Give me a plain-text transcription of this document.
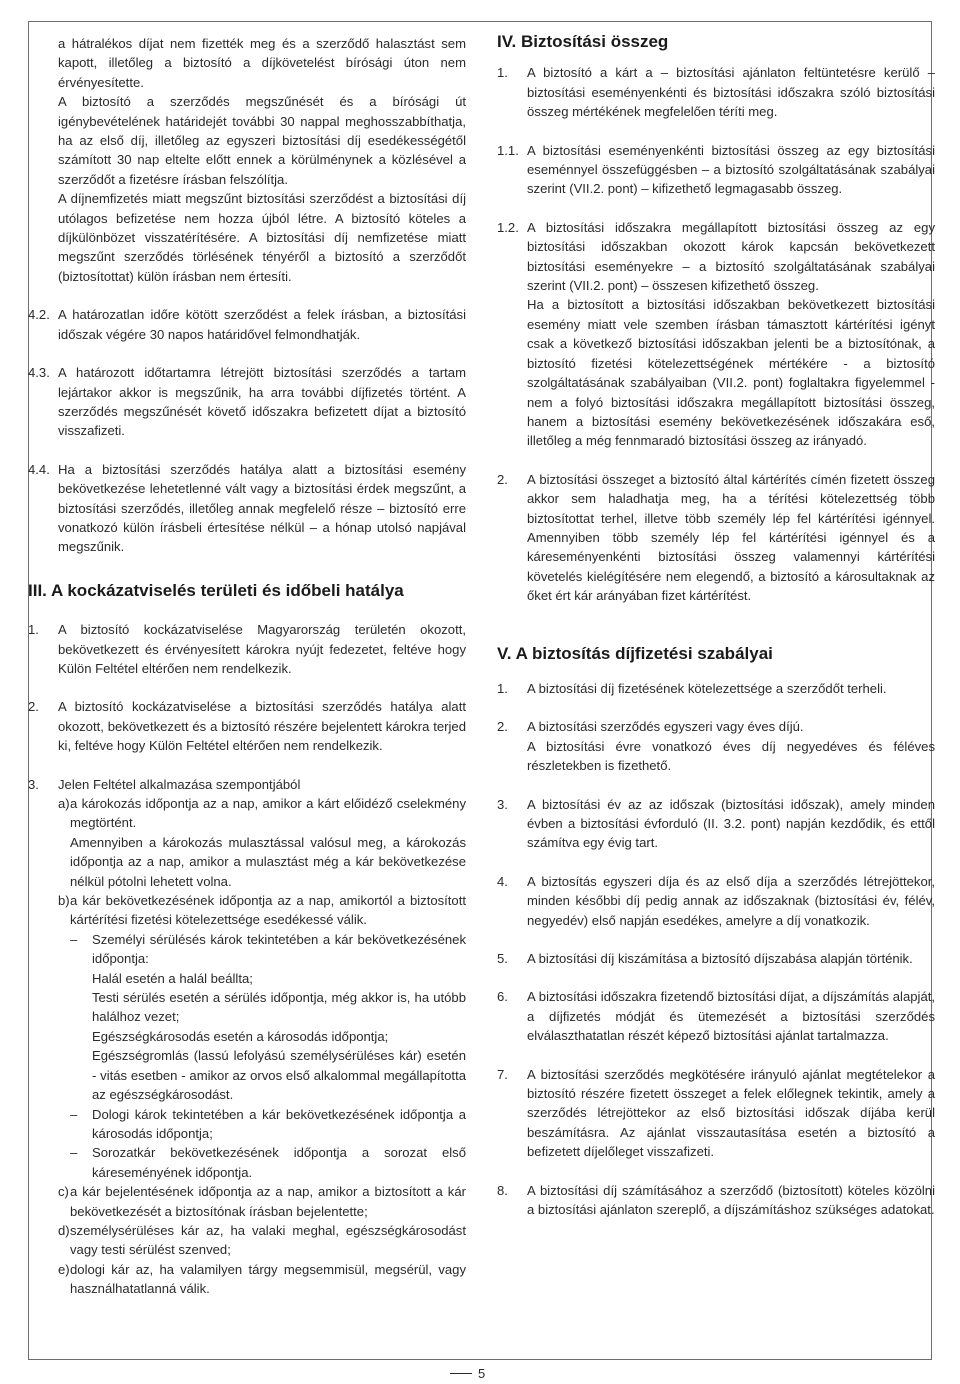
a hátralékos díjat nem fizették meg és a szerződő halasztást sem kapott, illetőleg a biztosító a díjkövetelést bírósági úton nem érvényesítette.

A biztosító a szerződés megszűnését és a bírósági út igénybevételének határidejét további 30 nappal meghosszabbíthatja, ha az első díj, illetőleg az egyszeri biztosítási díj esedékességétől számított 30 nap eltelte előtt ennek a körülménynek a közlésével a szerződőt a fizetésre írásban felszólítja.

A díjnemfizetés miatt megszűnt biztosítási szerződést a biztosítási díj utólagos befizetése nem hozza újból létre. A biztosító köteles a díjkülönbözet visszatérítésére. A biztosítási díj nemfizetése miatt megszűnt szerződés törlésének tényéről a biztosító a szerződőt (biztosítottat) külön írásban nem értesíti.

4.2. A határozatlan időre kötött szerződést a felek írásban, a biztosítási időszak végére 30 napos határidővel felmondhatják.
4.3. A határozott időtartamra létrejött biztosítási szerződés a tartam lejártakor akkor is megszűnik, ha arra további díjfizetés történt. A szerződés megszűnését követő időszakra befizetett díjat a biztosító visszafizeti.
4.4. Ha a biztosítási szerződés hatálya alatt a biztosítási esemény bekövetkezése lehetetlenné vált vagy a biztosítási érdek megszűnt, a biztosítási szerződés, illetőleg annak megfelelő része – biztosító erre vonatkozó külön írásbeli értesítése nélkül – a hónap utolsó napjával megszűnik.
III. A kockázatviselés területi és időbeli hatálya
1.	A biztosító kockázatviselése Magyarország területén okozott, bekövetkezett és érvényesített károkra nyújt fedezetet, feltéve hogy Külön Feltétel eltérően nem rendelkezik.
2.	A biztosító kockázatviselése a biztosítási szerződés hatálya alatt okozott, bekövetkezett és a biztosító részére bejelentett károkra terjed ki, feltéve hogy Külön Feltétel eltérően nem rendelkezik.
3.	Jelen Feltétel alkalmazása szempontjából
a) a károkozás időpontja az a nap, amikor a kárt előidéző cselekmény megtörtént.

Amennyiben a károkozás mulasztással valósul meg, a károkozás időpontja az a nap, amikor a mulasztást még a kár bekövetkezése nélkül pótolni lehetett volna.

b) a kár bekövetkezésének időpontja az a nap, amikortól a biztosított kártérítési fizetési kötelezettsége esedékessé válik.
–	Személyi sérülésés károk tekintetében a kár bekövetkezésének időpontja:

Halál esetén a halál beállta;

Testi sérülés esetén a sérülés időpontja, még akkor is, ha utóbb halálhoz vezet;

Egészségkárosodás esetén a károsodás időpontja;

Egészségromlás (lassú lefolyású személysérüléses kár) esetén - vitás esetben - amikor az orvos első alkalommal megállapította az egészségkárosodást.

–	Dologi károk tekintetében a kár bekövetkezésének időpontja a károsodás időpontja;
–	Sorozatkár bekövetkezésének időpontja a sorozat első káreseményének időpontja.
c) a kár bejelentésének időpontja az a nap, amikor a biztosított a kár bekövetkezését a biztosítónak írásban bejelentette;
d) személysérüléses kár az, ha valaki meghal, egészségkárosodást vagy testi sérülést szenved;
e) dologi kár az, ha valamilyen tárgy megsemmisül, megsérül, vagy használhatatlanná válik.
IV. Biztosítási összeg
1.	A biztosító a kárt a – biztosítási ajánlaton feltüntetésre kerülő – biztosítási eseményenkénti és biztosítási időszakra szóló biztosítási összeg mértékének megfelelően téríti meg.
1.1. A biztosítási eseményenkénti biztosítási összeg az egy biztosítási eseménnyel összefüggésben – a biztosító szolgáltatásának szabályai szerint (VII.2. pont) – kifizethető legmagasabb összeg.
1.2. A biztosítási időszakra megállapított biztosítási összeg az egy biztosítási időszakban okozott károk kapcsán bekövetkezett biztosítási eseményekre – a biztosító szolgáltatásának szabályai szerint (VII.2. pont) – összesen kifizethető összeg.

Ha a biztosított a biztosítási időszakban bekövetkezett biztosítási esemény miatt vele szemben írásban támasztott kártérítési igényt csak a következő biztosítási időszakban jelenti be a biztosítónak, a biztosító fizetési kötelezettségének mértékére - a biztosító szolgáltatásának szabályaiban (VII.2. pont) foglaltakra figyelemmel - nem a folyó biztosítási időszakra megállapított biztosítási összeg, hanem a biztosítási esemény bekövetkezésének időszakára eső, illetőleg a még fennmaradó biztosítási összeg az irányadó.

2.	A biztosítási összeget a biztosító által kártérítés címén fizetett összeg akkor sem haladhatja meg, ha a térítési kötelezettség több biztosítottat terhel, illetve több személy lép fel kártérítési igénnyel. Amennyiben több személy lép fel kártérítési igénnyel és a káreseményenkénti biztosítási összeg valamennyi kártérítési követelés kielégítésére nem elegendő, a biztosító a károsultaknak az őket ért kár arányában fizet kártérítést.
V. A biztosítás díjfizetési szabályai
1.	A biztosítási díj fizetésének kötelezettsége a szerződőt terheli.
2.	A biztosítási szerződés egyszeri vagy éves díjú.

A biztosítási évre vonatkozó éves díj negyedéves és féléves részletekben is fizethető.

3.	A biztosítási év az az időszak (biztosítási időszak), amely minden évben a biztosítási évforduló (II. 3.2. pont) napján kezdődik, és ettől számítva egy évig tart.
4.	A biztosítás egyszeri díja és az első díja a szerződés létrejöttekor, minden későbbi díj pedig annak az időszaknak (biztosítási év, félév, negyedév) első napján esedékes, amelyre a díj vonatkozik.
5.	A biztosítási díj kiszámítása a biztosító díjszabása alapján történik.
6.	A biztosítási időszakra fizetendő biztosítási díjat, a díjszámítás alapját, a díjfizetés módját és ütemezését a biztosítási szerződés elválaszthatatlan részét képező biztosítási ajánlat tartalmazza.
7.	A biztosítási szerződés megkötésére irányuló ajánlat megtételekor a biztosító részére fizetett összeget a felek előlegnek tekintik, amely a szerződés létrejöttekor az első biztosítási időszak díjába kerül beszámításra. Az ajánlat visszautasítása esetén a biztosító a befizetett díjelőleget visszafizeti.
8.	A biztosítási díj számításához a szerződő (biztosított) köteles közölni a biztosítási ajánlaton szereplő, a díjszámításhoz szükséges adatokat.
5
